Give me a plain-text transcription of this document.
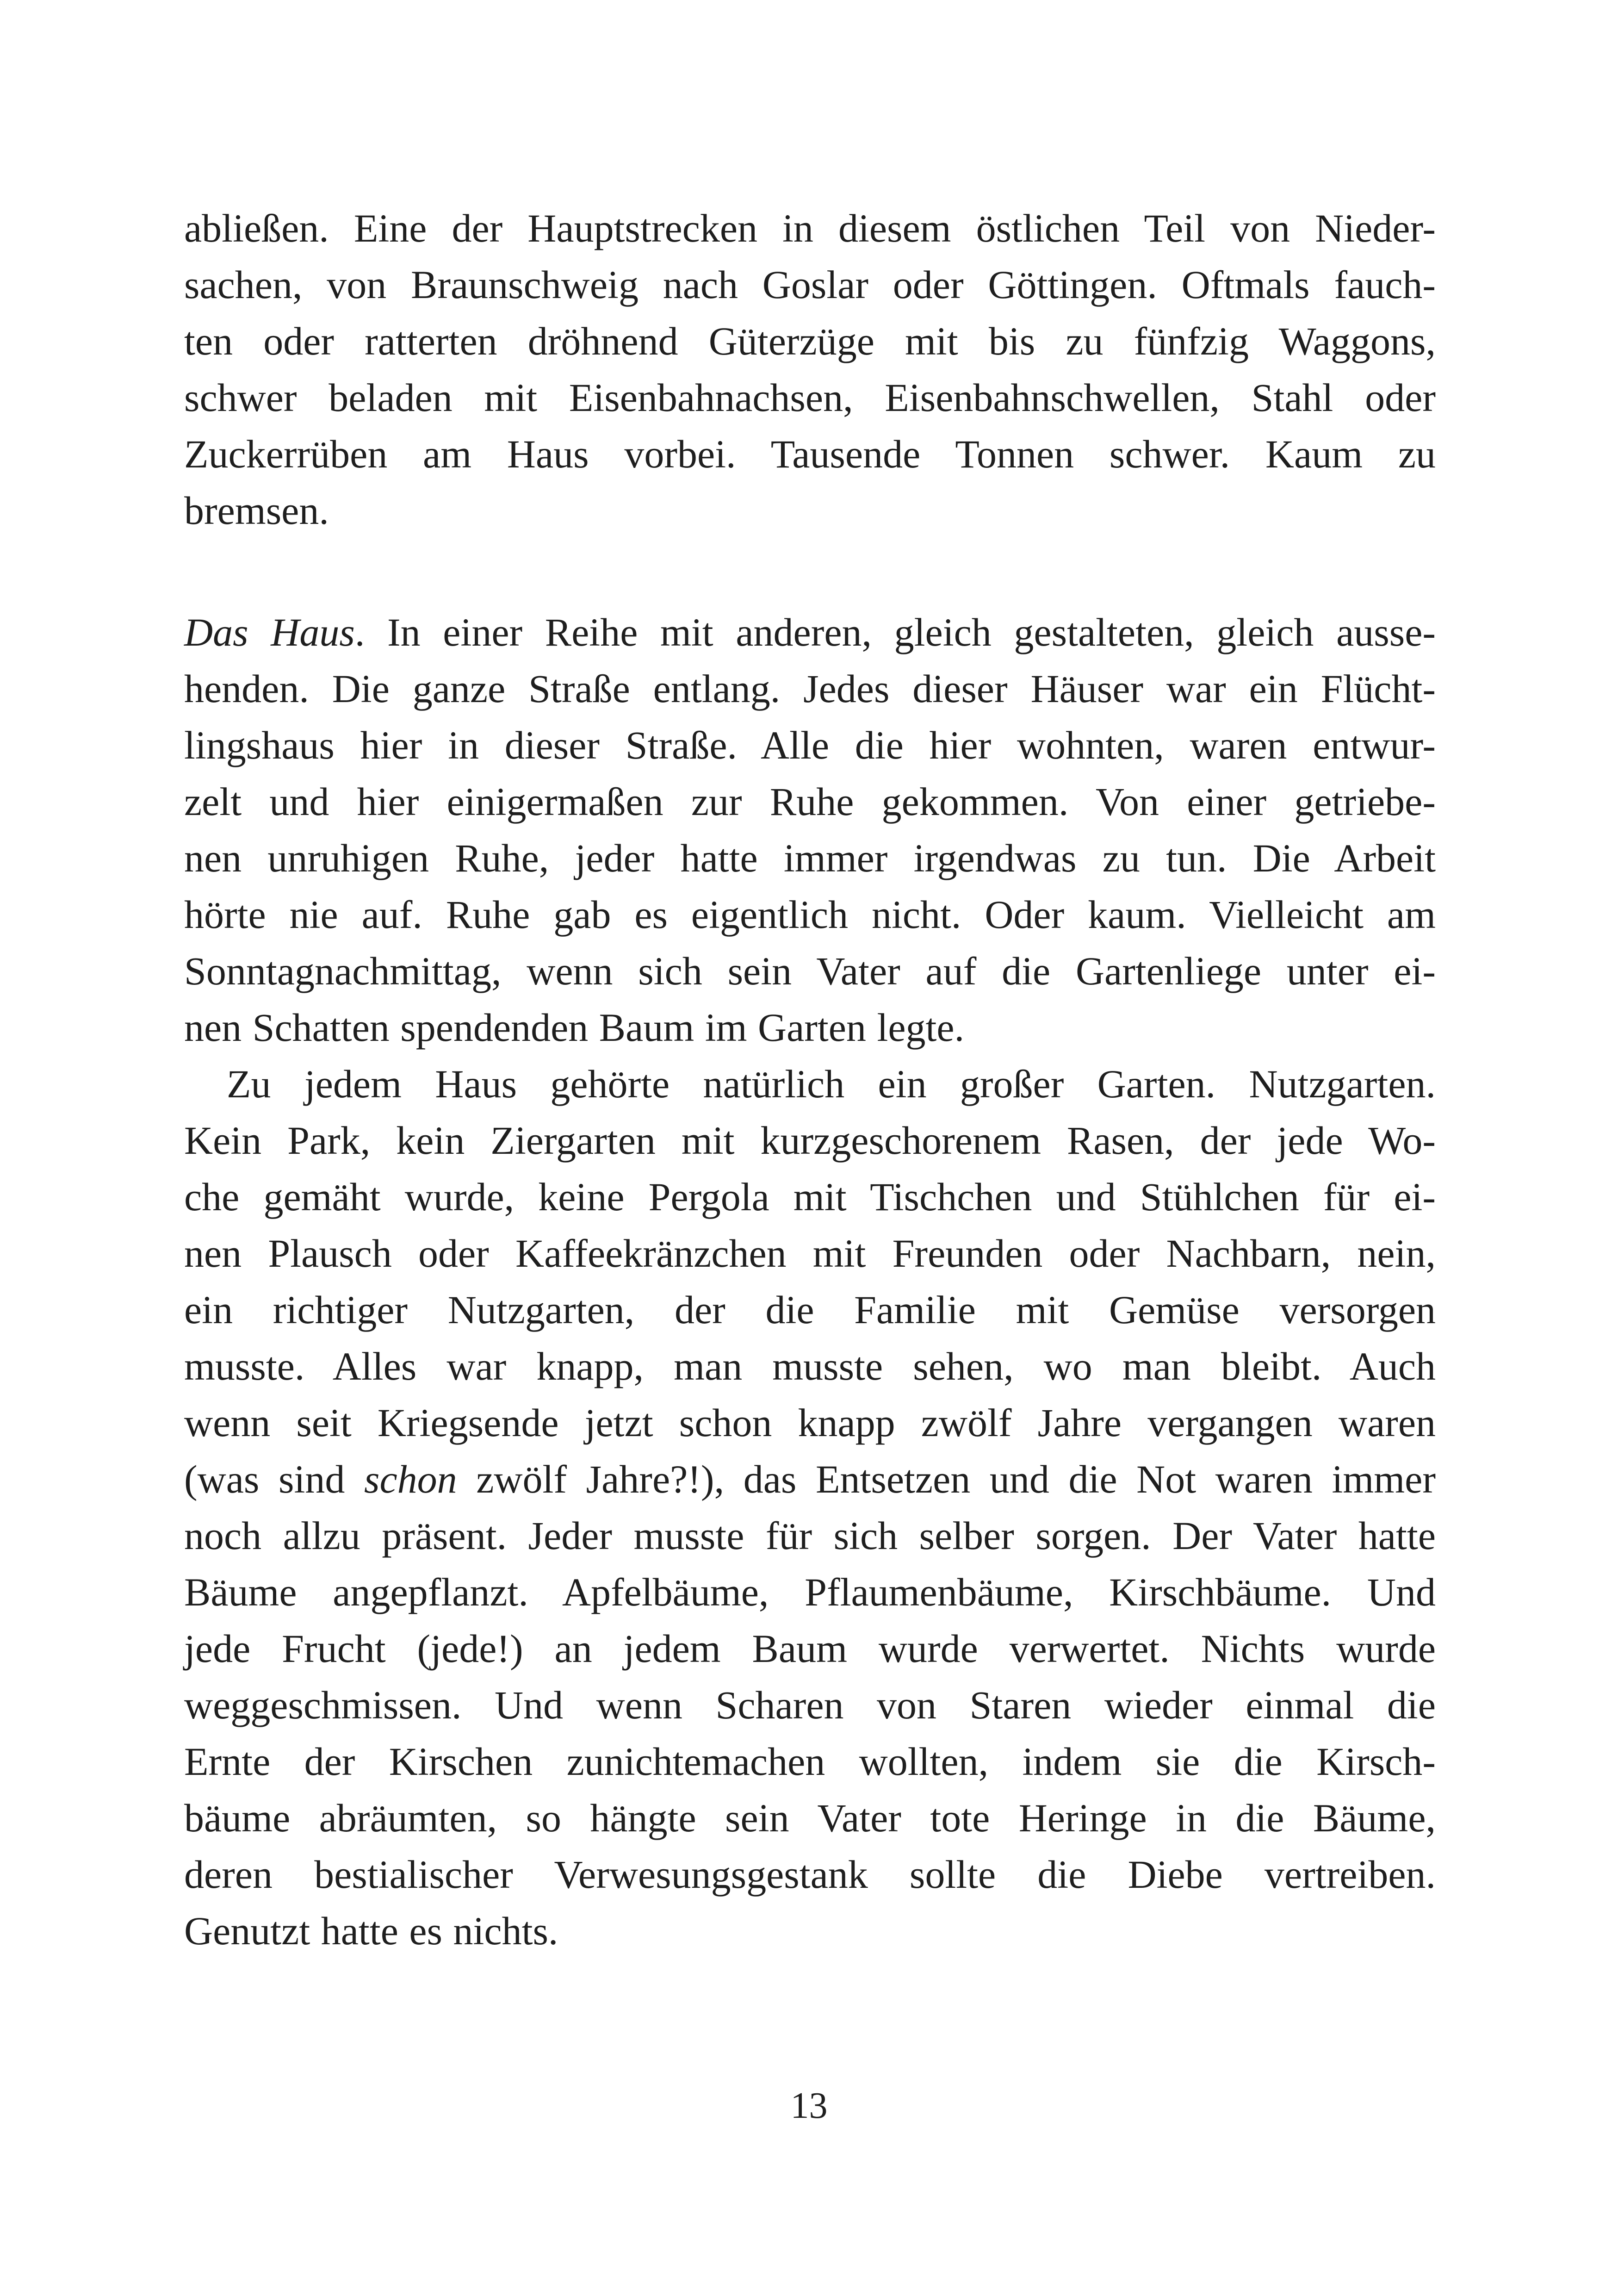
abließen. Eine der Hauptstrecken in diesem östlichen Teil von Nieder-
sachen, von Braunschweig nach Goslar oder Göttingen. Oftmals fauch-
ten oder ratterten dröhnend Güterzüge mit bis zu fünfzig Waggons,
schwer beladen mit Eisenbahnachsen, Eisenbahnschwellen, Stahl oder
Zuckerrüben am Haus vorbei. Tausende Tonnen schwer. Kaum zu
bremsen.
Das Haus. In einer Reihe mit anderen, gleich gestalteten, gleich ausse-
henden. Die ganze Straße entlang. Jedes dieser Häuser war ein Flücht-
lingshaus hier in dieser Straße. Alle die hier wohnten, waren entwur-
zelt und hier einigermaßen zur Ruhe gekommen. Von einer getriebe-
nen unruhigen Ruhe, jeder hatte immer irgendwas zu tun. Die Arbeit
hörte nie auf. Ruhe gab es eigentlich nicht. Oder kaum. Vielleicht am
Sonntagnachmittag, wenn sich sein Vater auf die Gartenliege unter ei-
nen Schatten spendenden Baum im Garten legte.
Zu jedem Haus gehörte natürlich ein großer Garten. Nutzgarten.
Kein Park, kein Ziergarten mit kurzgeschorenem Rasen, der jede Wo-
che gemäht wurde, keine Pergola mit Tischchen und Stühlchen für ei-
nen Plausch oder Kaffeekränzchen mit Freunden oder Nachbarn, nein,
ein richtiger Nutzgarten, der die Familie mit Gemüse versorgen
musste. Alles war knapp, man musste sehen, wo man bleibt. Auch
wenn seit Kriegsende jetzt schon knapp zwölf Jahre vergangen waren
(was sind schon zwölf Jahre?!), das Entsetzen und die Not waren immer
noch allzu präsent. Jeder musste für sich selber sorgen. Der Vater hatte
Bäume angepflanzt. Apfelbäume, Pflaumenbäume, Kirschbäume. Und
jede Frucht (jede!) an jedem Baum wurde verwertet. Nichts wurde
weggeschmissen. Und wenn Scharen von Staren wieder einmal die
Ernte der Kirschen zunichtemachen wollten, indem sie die Kirsch-
bäume abräumten, so hängte sein Vater tote Heringe in die Bäume,
deren bestialischer Verwesungsgestank sollte die Diebe vertreiben.
Genutzt hatte es nichts.
13
